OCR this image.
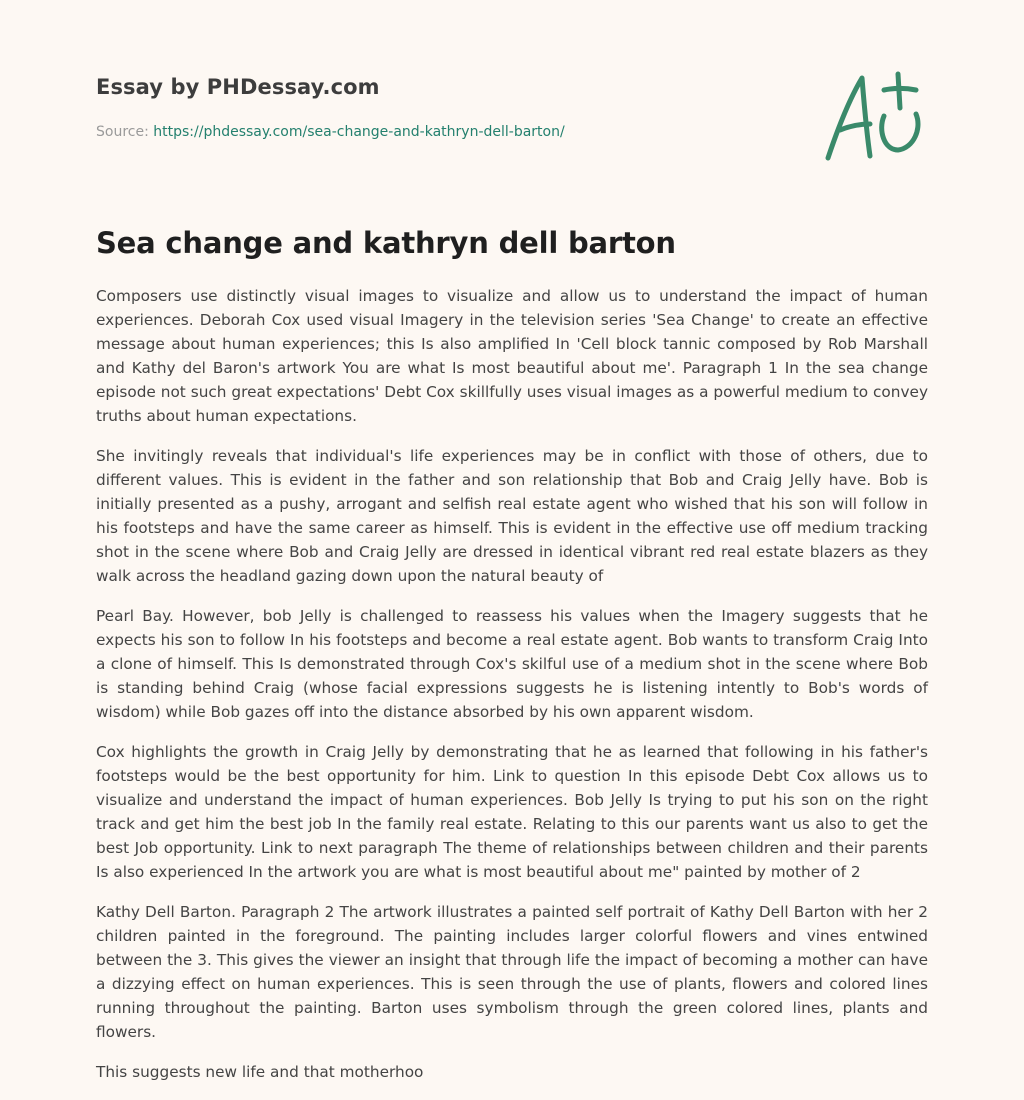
Essay by PHDessay.com
Source: https://phdessay.com/sea-change-and-kathryn-dell-barton/
Sea change and kathryn dell barton

Composers use distinctly visual images to visualize and allow us to understand the impact of human experiences. Deborah Cox used visual Imagery in the television series 'Sea Change' to create an effective message about human experiences; this Is also amplified In 'Cell block tannic composed by Rob Marshall and Kathy del Baron's artwork You are what Is most beautiful about me'. Paragraph 1 In the sea change episode not such great expectations' Debt Cox skillfully uses visual images as a powerful medium to convey truths about human expectations.

She invitingly reveals that individual's life experiences may be in conflict with those of others, due to different values. This is evident in the father and son relationship that Bob and Craig Jelly have. Bob is initially presented as a pushy, arrogant and selfish real estate agent who wished that his son will follow in his footsteps and have the same career as himself. This is evident in the effective use off medium tracking shot in the scene where Bob and Craig Jelly are dressed in identical vibrant red real estate blazers as they walk across the headland gazing down upon the natural beauty of

Pearl Bay. However, bob Jelly is challenged to reassess his values when the Imagery suggests that he expects his son to follow In his footsteps and become a real estate agent. Bob wants to transform Craig Into a clone of himself. This Is demonstrated through Cox's skilful use of a medium shot in the scene where Bob is standing behind Craig (whose facial expressions suggests he is listening intently to Bob's words of wisdom) while Bob gazes off into the distance absorbed by his own apparent wisdom.

Cox highlights the growth in Craig Jelly by demonstrating that he as learned that following in his father's footsteps would be the best opportunity for him. Link to question In this episode Debt Cox allows us to visualize and understand the impact of human experiences. Bob Jelly Is trying to put his son on the right track and get him the best job In the family real estate. Relating to this our parents want us also to get the best Job opportunity. Link to next paragraph The theme of relationships between children and their parents Is also experienced In the artwork you are what is most beautiful about me" painted by mother of 2

Kathy Dell Barton. Paragraph 2 The artwork illustrates a painted self portrait of Kathy Dell Barton with her 2 children painted in the foreground. The painting includes larger colorful flowers and vines entwined between the 3. This gives the viewer an insight that through life the impact of becoming a mother can have a dizzying effect on human experiences. This is seen through the use of plants, flowers and colored lines running throughout the painting. Barton uses symbolism through the green colored lines, plants and flowers.

This suggests new life and that motherhoo
